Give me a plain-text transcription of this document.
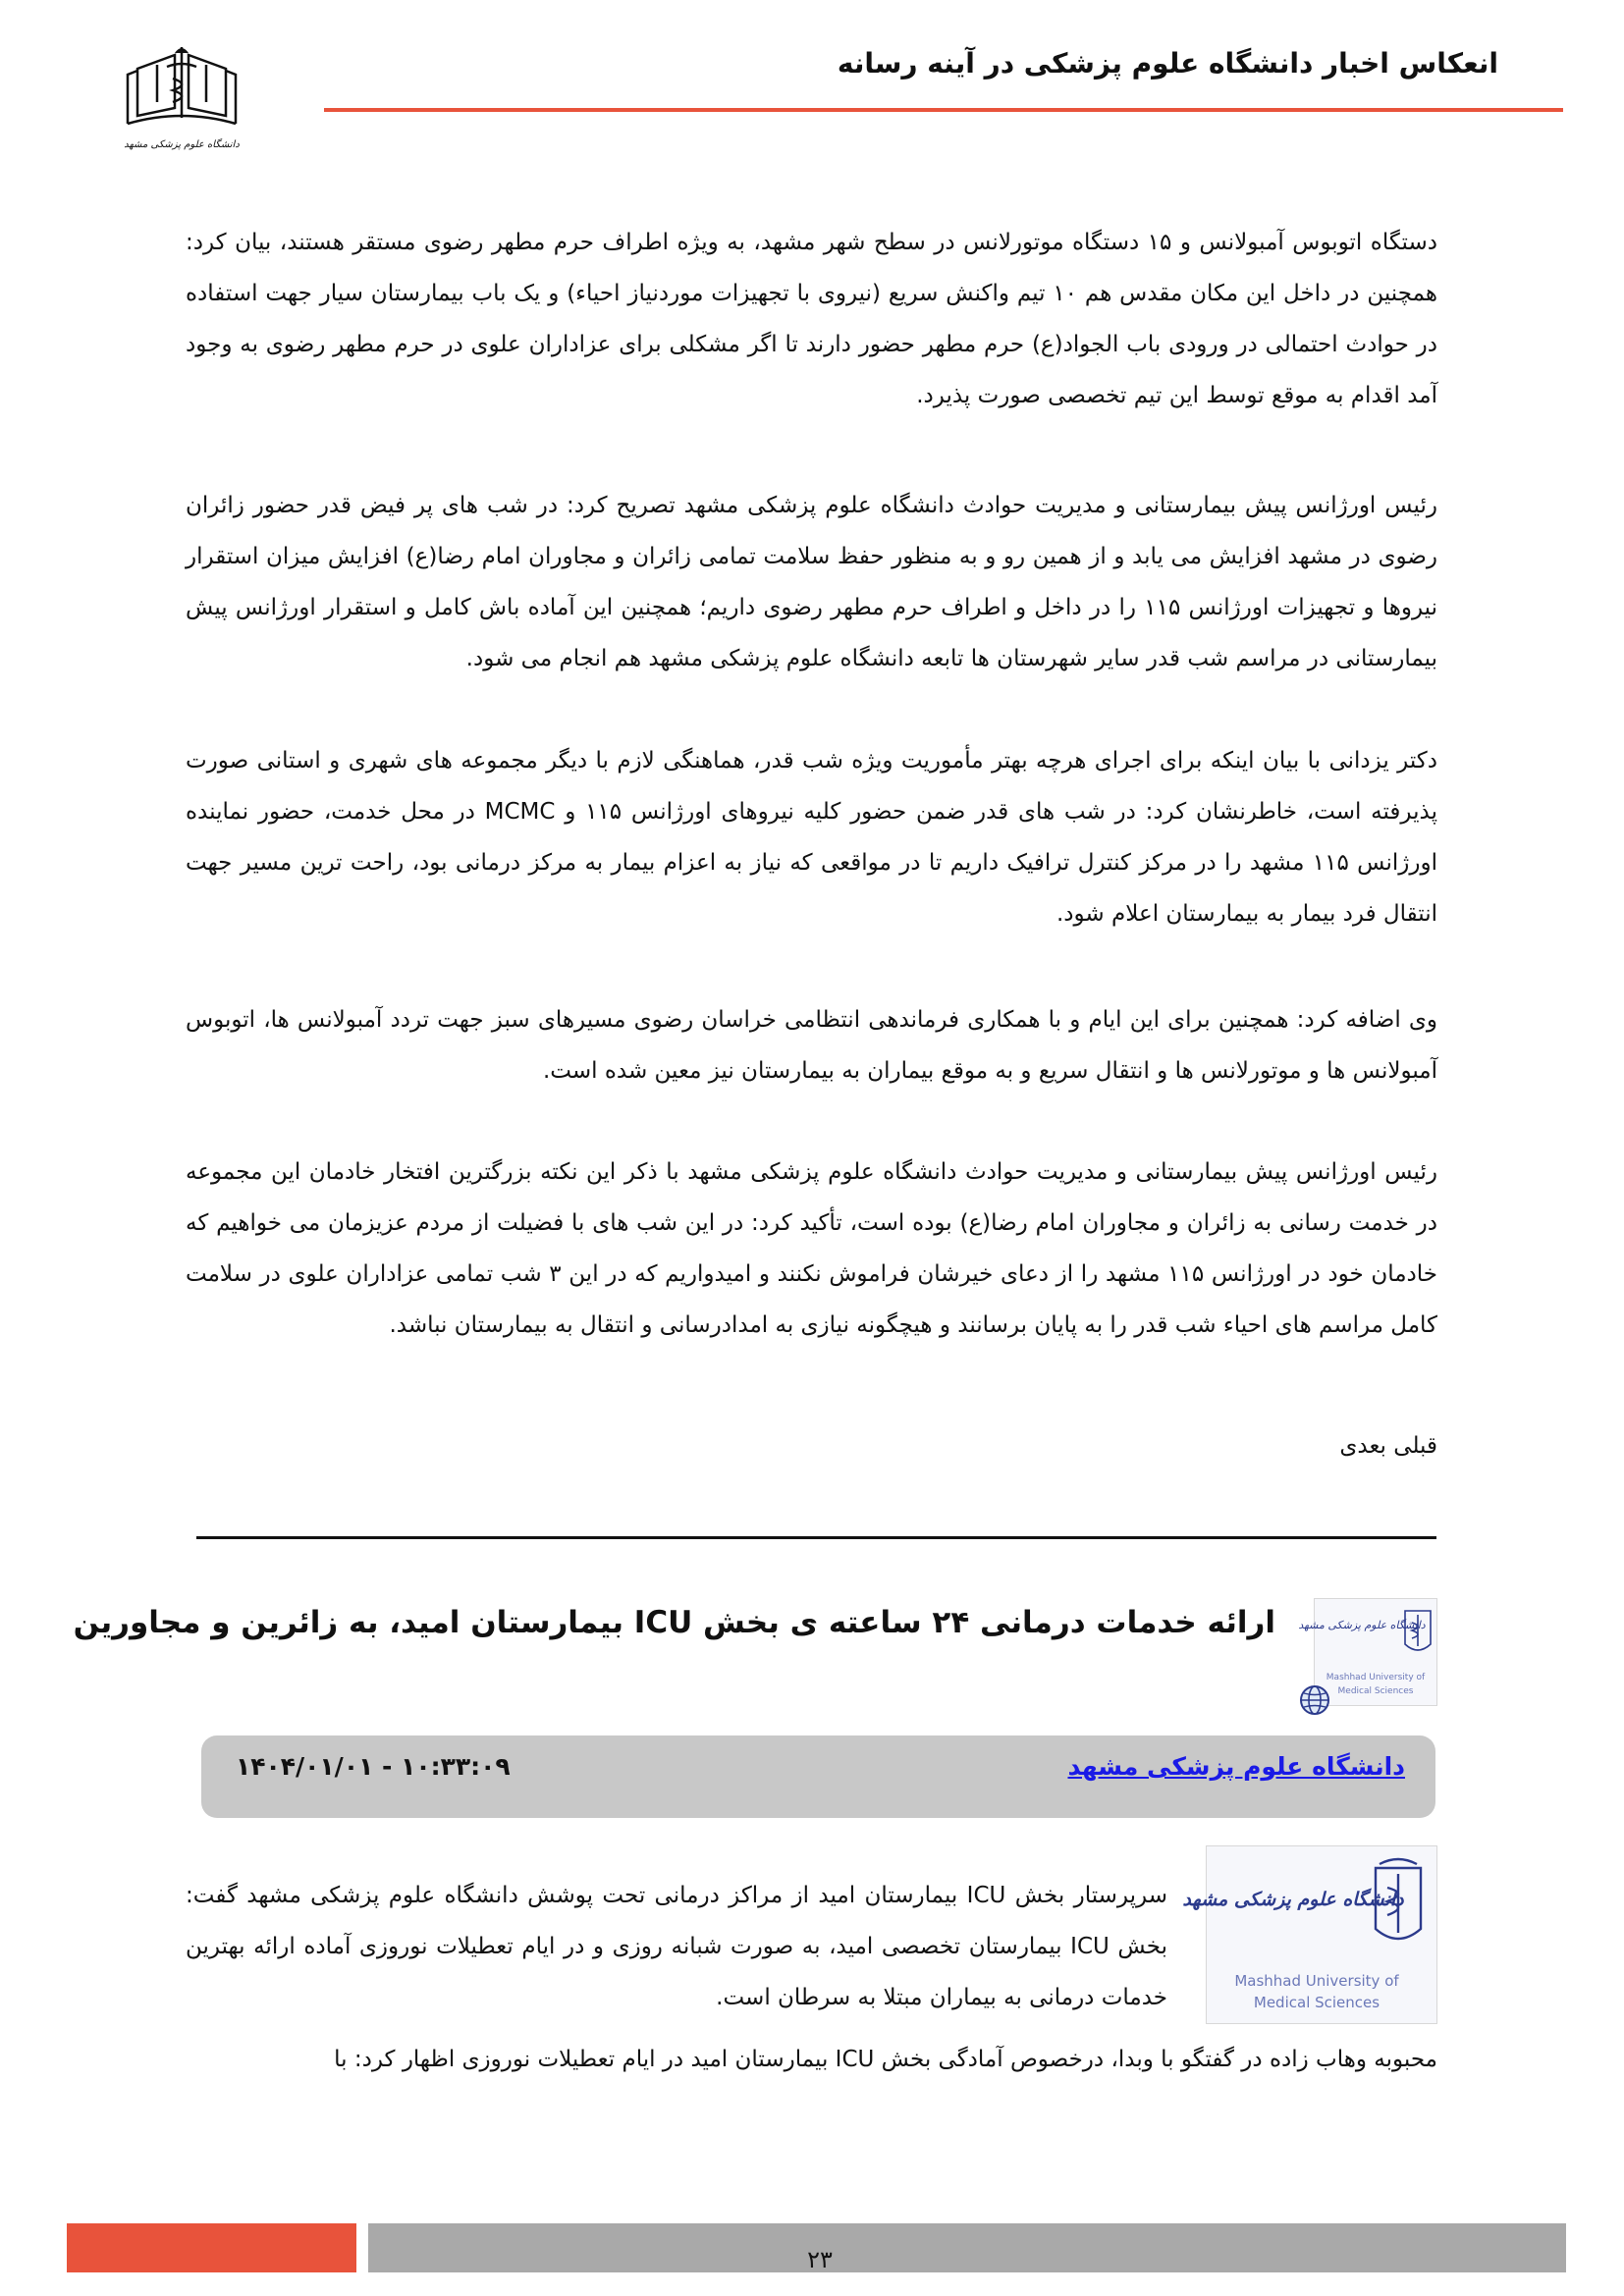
انعکاس اخبار دانشگاه علوم پزشکی در آینه رسانه
دانشگاه علوم پزشکی مشهد

دستگاه اتوبوس آمبولانس و ۱۵ دستگاه موتورلانس در سطح شهر مشهد، به ویژه اطراف حرم مطهر رضوی مستقر هستند، بیان کرد: همچنین در داخل این مکان مقدس هم ۱۰ تیم واکنش سریع (نیروی با تجهیزات موردنیاز احیاء) و یک باب بیمارستان سیار جهت استفاده در حوادث احتمالی در ورودی باب الجواد(ع) حرم مطهر حضور دارند تا اگر مشکلی برای عزاداران علوی در حرم مطهر رضوی به وجود آمد اقدام به موقع توسط این تیم تخصصی صورت پذیرد.

رئیس اورژانس پیش بیمارستانی و مدیریت حوادث دانشگاه علوم پزشکی مشهد تصریح کرد: در شب های پر فیض قدر حضور زائران رضوی در مشهد افزایش می یابد و از همین رو و به منظور حفظ سلامت تمامی زائران و مجاوران امام رضا(ع) افزایش میزان استقرار نیروها و تجهیزات اورژانس ۱۱۵ را در داخل و اطراف حرم مطهر رضوی داریم؛ همچنین این آماده باش کامل و استقرار اورژانس پیش بیمارستانی در مراسم شب قدر سایر شهرستان ها تابعه دانشگاه علوم پزشکی مشهد هم انجام می شود.

دکتر یزدانی با بیان اینکه برای اجرای هرچه بهتر مأموریت ویژه شب قدر، هماهنگی لازم با دیگر مجموعه های شهری و استانی صورت پذیرفته است، خاطرنشان کرد: در شب های قدر ضمن حضور کلیه نیروهای اورژانس ۱۱۵ و MCMC در محل خدمت، حضور نماینده اورژانس ۱۱۵ مشهد را در مرکز کنترل ترافیک داریم تا در مواقعی که نیاز به اعزام بیمار به مرکز درمانی بود، راحت ترین مسیر جهت انتقال فرد بیمار به بیمارستان اعلام شود.

وی اضافه کرد: همچنین برای این ایام و با همکاری فرماندهی انتظامی خراسان رضوی مسیرهای سبز جهت تردد آمبولانس ها، اتوبوس آمبولانس ها و موتورلانس ها و انتقال سریع و به موقع بیماران به بیمارستان نیز معین شده است.

رئیس اورژانس پیش بیمارستانی و مدیریت حوادث دانشگاه علوم پزشکی مشهد با ذکر این نکته بزرگترین افتخار خادمان این مجموعه در خدمت رسانی به زائران و مجاوران امام رضا(ع) بوده است، تأکید کرد: در این شب های با فضیلت از مردم عزیزمان می خواهیم که خادمان خود در اورژانس ۱۱۵ مشهد را از دعای خیرشان فراموش نکنند و امیدواریم که در این ۳ شب تمامی عزاداران علوی در سلامت کامل مراسم های احیاء شب قدر را به پایان برسانند و هیچگونه نیازی به امدادرسانی و انتقال به بیمارستان نباشد.

قبلی بعدی
ارائه خدمات درمانی ۲۴ ساعته ی بخش ICU بیمارستان امید، به زائرین و مجاورین دانشگاه علوم پزشکی مشهد
Mashhad University of
Medical Sciences
دانشگاه علوم پزشکی مشهد
۱۴۰۴/۰۱/۰۱ - ۱۰:۳۳:۰۹
دانشگاه علوم پزشکی مشهد
Mashhad University of
Medical Sciences

سرپرستار بخش ICU بیمارستان امید از مراکز درمانی تحت پوشش دانشگاه علوم پزشکی مشهد گفت: بخش ICU بیمارستان تخصصی امید، به صورت شبانه روزی و در ایام تعطیلات نوروزی آماده ارائه بهترین خدمات درمانی به بیماران مبتلا به سرطان است.

محبوبه وهاب زاده در گفتگو با وبدا، درخصوص آمادگی بخش ICU بیمارستان امید در ایام تعطیلات نوروزی اظهار کرد: با
۲۳
